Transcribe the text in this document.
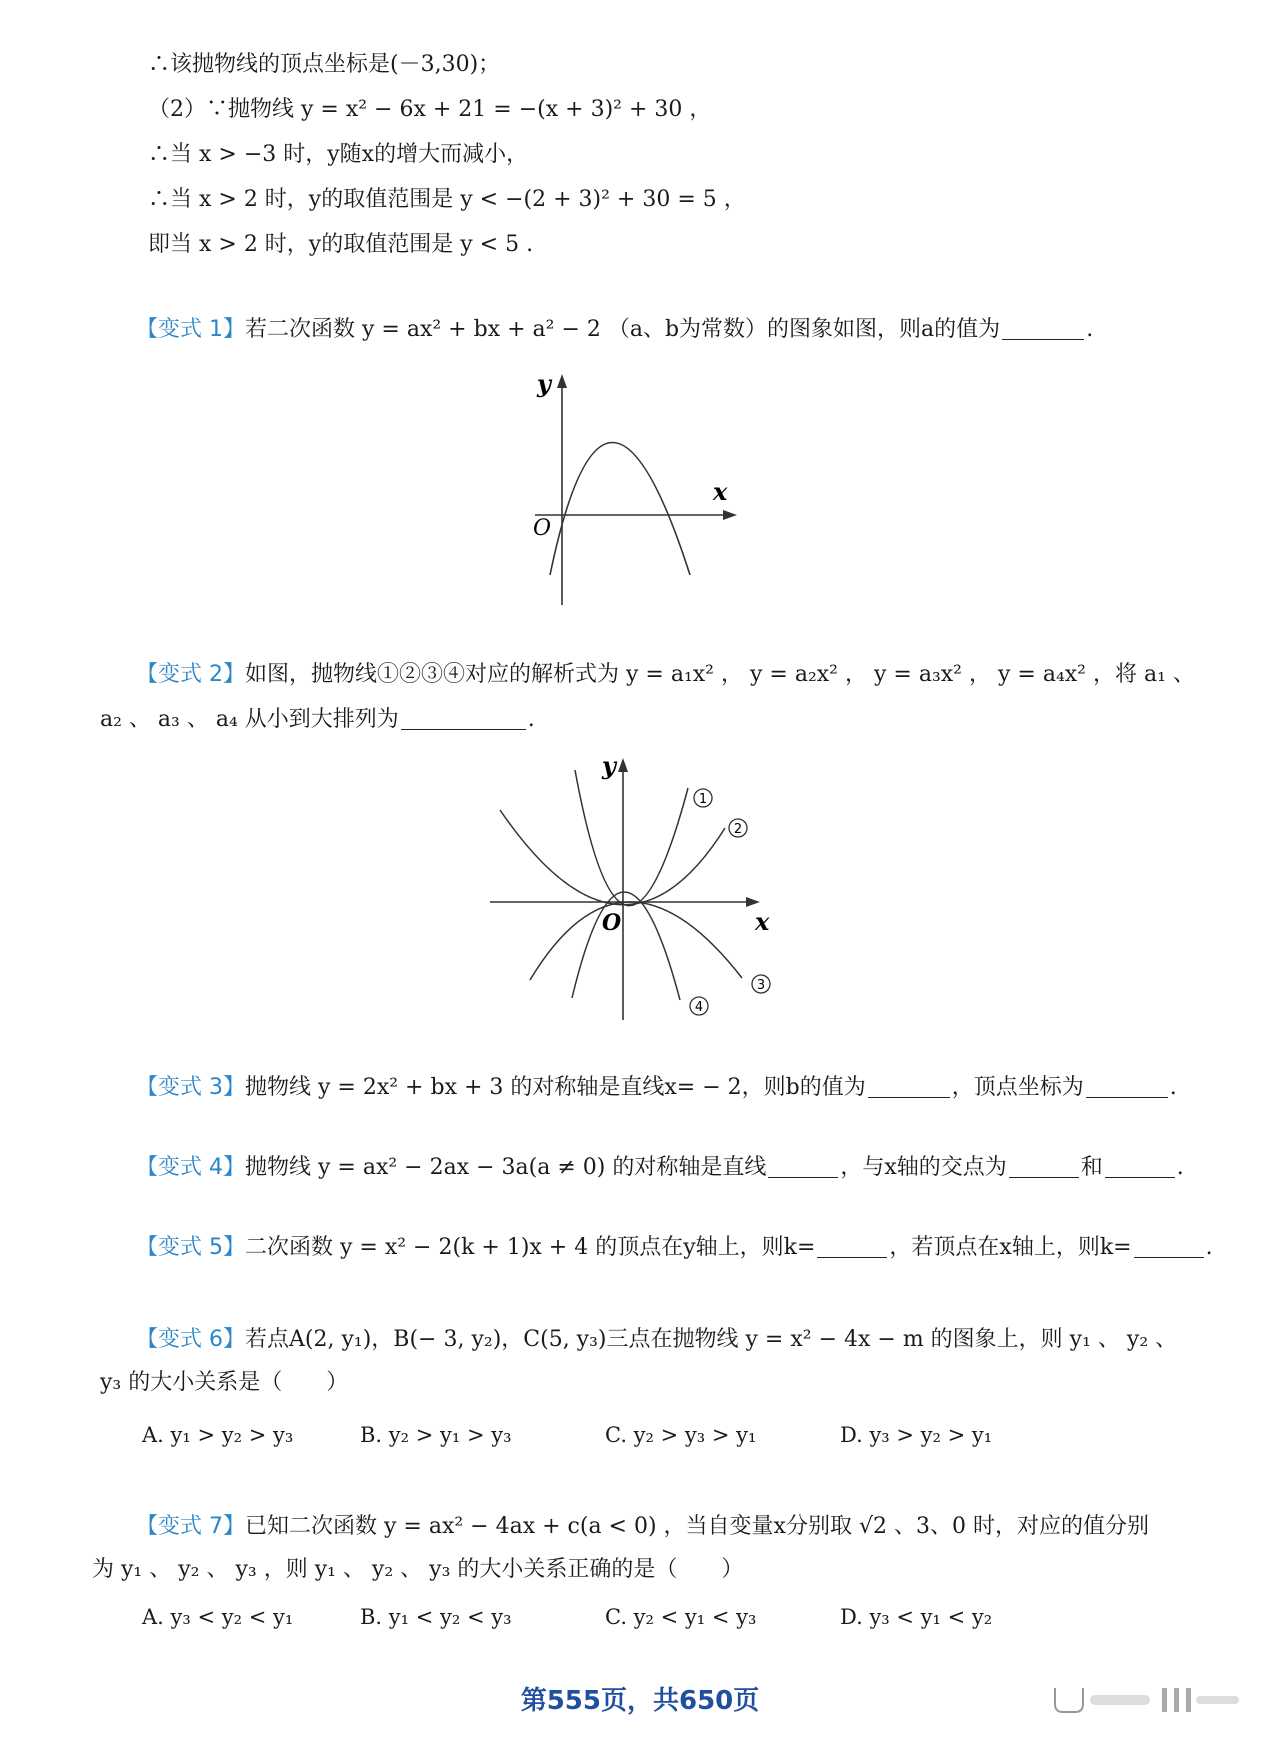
∴该抛物线的顶点坐标是(－3,30)；
（2）∵抛物线 y = x² − 6x + 21 = −(x + 3)² + 30 ，
∴当 x > −3 时，y随x的增大而减小，
∴当 x > 2 时，y的取值范围是 y < −(2 + 3)² + 30 = 5 ，
即当 x > 2 时，y的取值范围是 y < 5 .
【变式 1】若二次函数 y = ax² + bx + a² − 2 （a、b为常数）的图象如图，则a的值为	.
y
x
O
【变式 2】如图，抛物线①②③④对应的解析式为 y = a₁x² ， y = a₂x² ， y = a₃x² ， y = a₄x² ，将 a₁ 、
a₂ 、 a₃ 、 a₄ 从小到大排列为	.
y
x
O
1
2
3
4
【变式 3】抛物线 y = 2x² + bx + 3 的对称轴是直线x= − 2，则b的值为	，顶点坐标为	.
【变式 4】抛物线 y = ax² − 2ax − 3a(a ≠ 0) 的对称轴是直线	，与x轴的交点为	和	.
【变式 5】二次函数 y = x² − 2(k + 1)x + 4 的顶点在y轴上，则k=	，若顶点在x轴上，则k=	.
【变式 6】若点A(2, y₁)，B(− 3, y₂)，C(5, y₃)三点在抛物线 y = x² − 4x − m 的图象上，则 y₁ 、 y₂ 、
y₃ 的大小关系是（　　）
A. y₁ > y₂ > y₃	B. y₂ > y₁ > y₃	C. y₂ > y₃ > y₁	D. y₃ > y₂ > y₁
【变式 7】已知二次函数 y = ax² − 4ax + c(a < 0) ，当自变量x分别取 √2 、3、0 时，对应的值分别
为 y₁ 、 y₂ 、 y₃ ，则 y₁ 、 y₂ 、 y₃ 的大小关系正确的是（　　）
A. y₃ < y₂ < y₁	B. y₁ < y₂ < y₃	C. y₂ < y₁ < y₃	D. y₃ < y₁ < y₂
第555页，共650页
